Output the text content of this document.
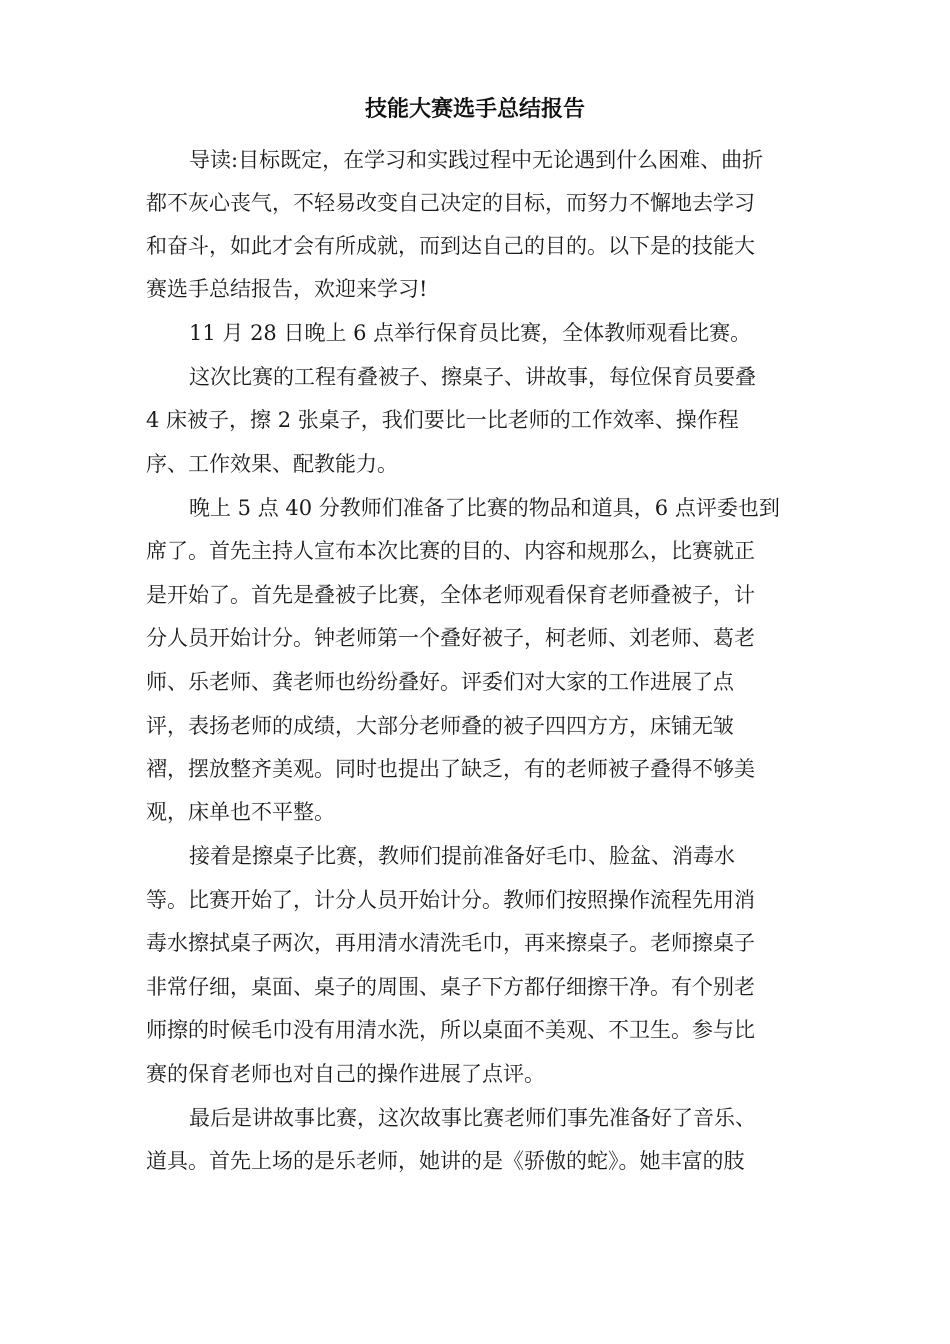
技能大赛选手总结报告

导读:目标既定，在学习和实践过程中无论遇到什么困难、曲折

都不灰心丧气，不轻易改变自己决定的目标，而努力不懈地去学习

和奋斗，如此才会有所成就，而到达自己的目的。以下是的技能大

赛选手总结报告，欢迎来学习!

11 月 28 日晚上 6 点举行保育员比赛，全体教师观看比赛。

这次比赛的工程有叠被子、擦桌子、讲故事，每位保育员要叠

4 床被子，擦 2 张桌子，我们要比一比老师的工作效率、操作程

序、工作效果、配教能力。

晚上 5 点 40 分教师们准备了比赛的物品和道具，6 点评委也到

席了。首先主持人宣布本次比赛的目的、内容和规那么，比赛就正

是开始了。首先是叠被子比赛，全体老师观看保育老师叠被子，计

分人员开始计分。钟老师第一个叠好被子，柯老师、刘老师、葛老

师、乐老师、龚老师也纷纷叠好。评委们对大家的工作进展了点

评，表扬老师的成绩，大部分老师叠的被子四四方方，床铺无皱

褶，摆放整齐美观。同时也提出了缺乏，有的老师被子叠得不够美

观，床单也不平整。

接着是擦桌子比赛，教师们提前准备好毛巾、脸盆、消毒水

等。比赛开始了，计分人员开始计分。教师们按照操作流程先用消

毒水擦拭桌子两次，再用清水清洗毛巾，再来擦桌子。老师擦桌子

非常仔细，桌面、桌子的周围、桌子下方都仔细擦干净。有个别老

师擦的时候毛巾没有用清水洗，所以桌面不美观、不卫生。参与比

赛的保育老师也对自己的操作进展了点评。

最后是讲故事比赛，这次故事比赛老师们事先准备好了音乐、

道具。首先上场的是乐老师，她讲的是《骄傲的蛇》。她丰富的肢
